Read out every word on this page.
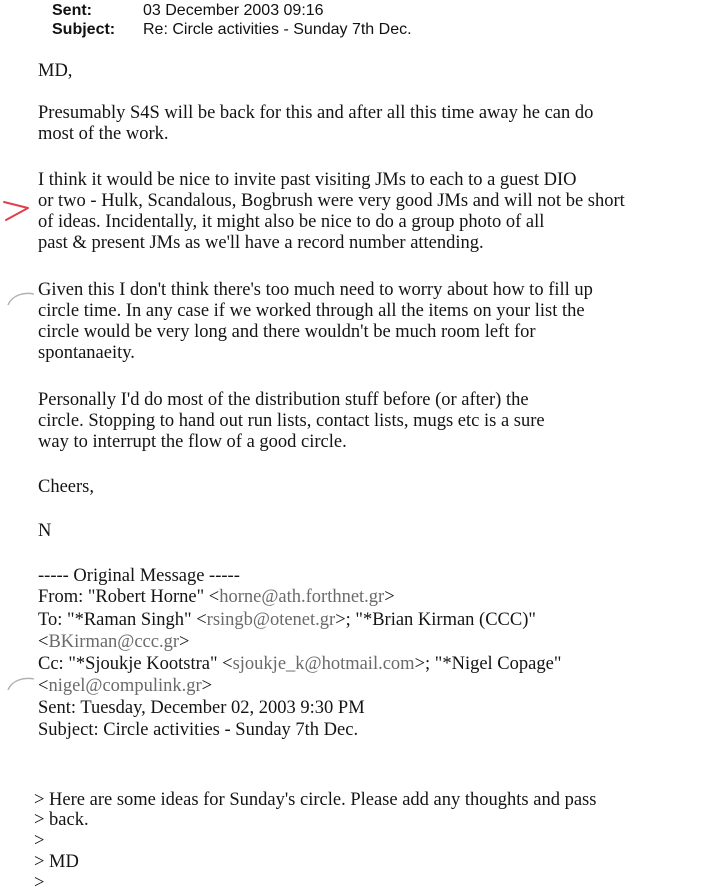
Sent:	03 December 2003 09:16
Subject: Re: Circle activities - Sunday 7th Dec.
MD,
Presumably S4S will be back for this and after all this time away he can do
most of the work.
I think it would be nice to invite past visiting JMs to each to a guest DIO
or two - Hulk, Scandalous, Bogbrush were very good JMs and will not be short
of ideas. Incidentally, it might also be nice to do a group photo of all
past & present JMs as we'll have a record number attending.
Given this I don't think there's too much need to worry about how to fill up
circle time. In any case if we worked through all the items on your list the
circle would be very long and there wouldn't be much room left for
spontanaeity.
Personally I'd do most of the distribution stuff before (or after) the
circle. Stopping to hand out run lists, contact lists, mugs etc is a sure
way to interrupt the flow of a good circle.
Cheers,
N
----- Original Message -----
From: "Robert Horne" <horne@ath.forthnet.gr>
To: "*Raman Singh" <rsingb@otenet.gr>; "*Brian Kirman (CCC)"
<BKirman@ccc.gr>
Cc: "*Sjoukje Kootstra" <sjoukje_k@hotmail.com>; "*Nigel Copage"
<nigel@compulink.gr>
Sent: Tuesday, December 02, 2003 9:30 PM
Subject: Circle activities - Sunday 7th Dec.
> Here are some ideas for Sunday's circle. Please add any thoughts and pass
> back.
>
> MD
>
